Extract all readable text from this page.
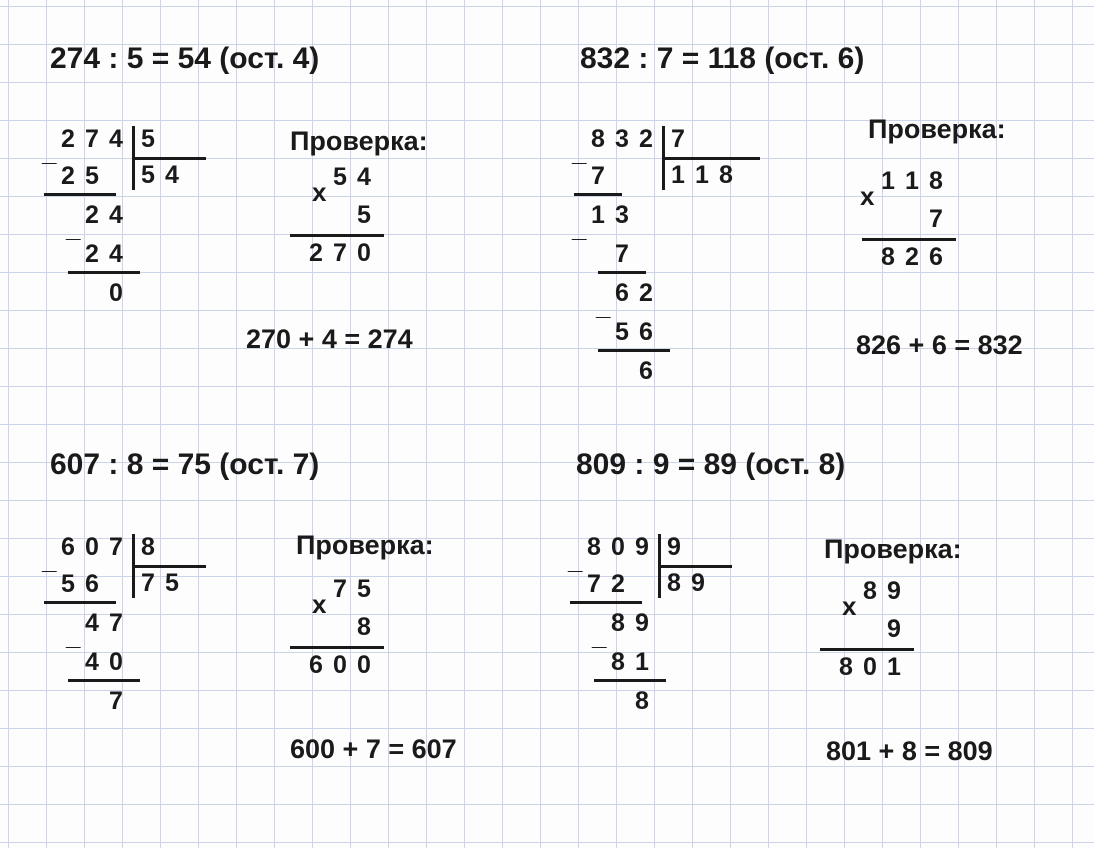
274 : 5 = 54 (ост. 4)
_ 2 7 4 5
5 4
2 5
2 4
_
2 4
0
Проверка:
5 4
5
x
2 7 0
270 + 4 = 274
832 : 7 = 118 (ост. 6)
_ 8 3 2 7
1 1 8
7
1 3
_
7
6 2
_
5 6
6
Проверка:
1 1 8
7
x
8 2 6
826 + 6 = 832
607 : 8 = 75 (ост. 7)
_ 6 0 7 8
7 5
5 6
4 7
_
4 0
7
Проверка:
7 5
8
x
6 0 0
600 + 7 = 607
809 : 9 = 89 (ост. 8)
_ 8 0 9 9
8 9
7 2
8 9
_
8 1
8
Проверка:
8 9
9
x
8 0 1
801 + 8 = 809
